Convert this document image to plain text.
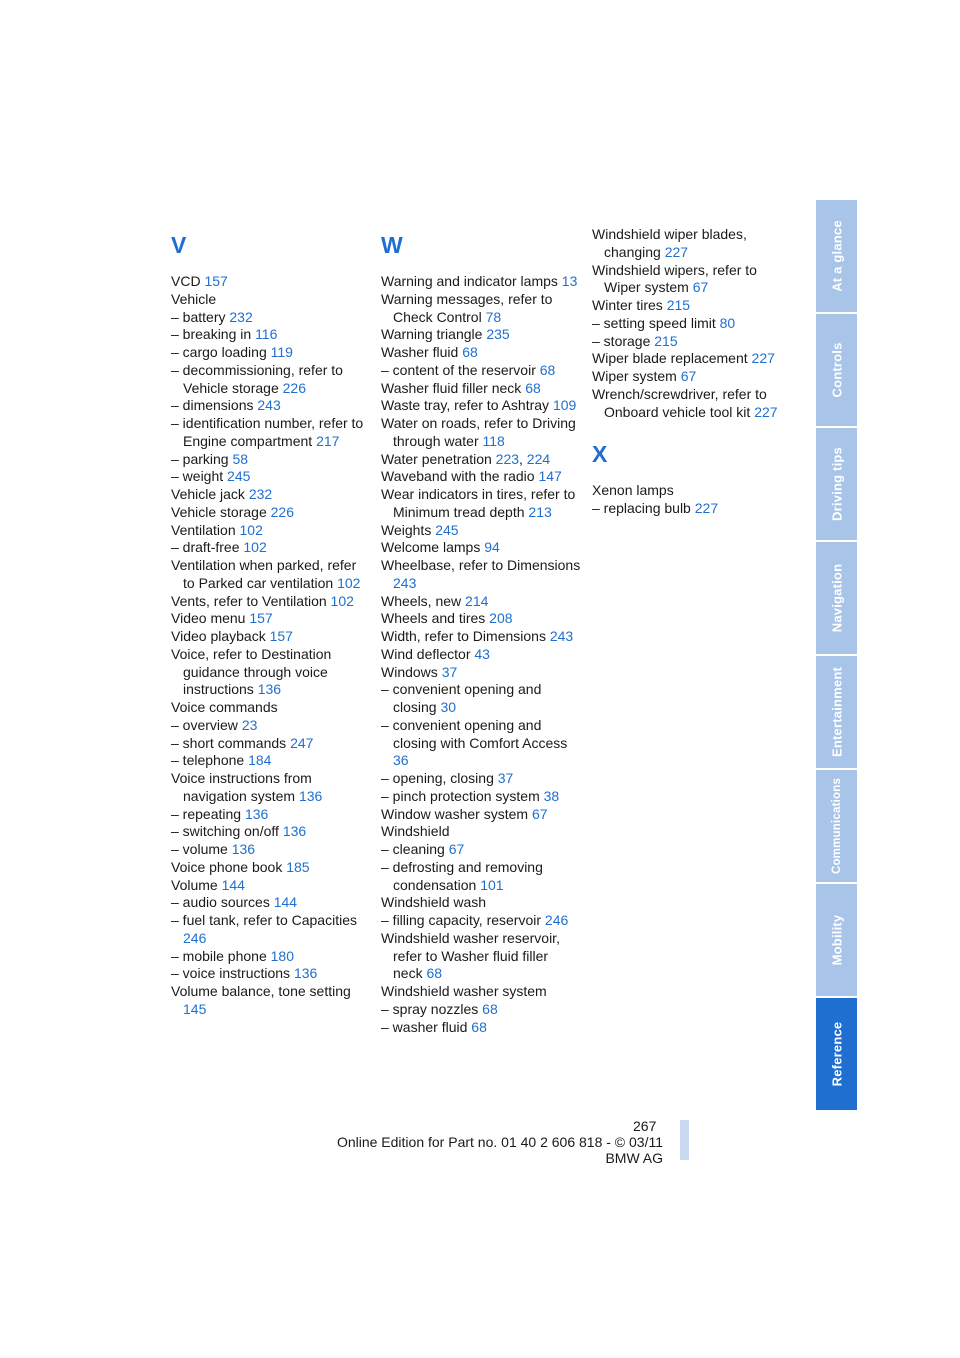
V
VCD 157
Vehicle
– battery 232
– breaking in 116
– cargo loading 119
– decommissioning, refer to Vehicle storage 226
– dimensions 243
– identification number, refer to Engine compartment 217
– parking 58
– weight 245
Vehicle jack 232
Vehicle storage 226
Ventilation 102
– draft-free 102
Ventilation when parked, refer to Parked car ventilation 102
Vents, refer to Ventilation 102
Video menu 157
Video playback 157
Voice, refer to Destination guidance through voice instructions 136
Voice commands
– overview 23
– short commands 247
– telephone 184
Voice instructions from navigation system 136
– repeating 136
– switching on/off 136
– volume 136
Voice phone book 185
Volume 144
– audio sources 144
– fuel tank, refer to Capacities 246
– mobile phone 180
– voice instructions 136
Volume balance, tone setting 145
W
Warning and indicator lamps 13
Warning messages, refer to Check Control 78
Warning triangle 235
Washer fluid 68
– content of the reservoir 68
Washer fluid filler neck 68
Waste tray, refer to Ashtray 109
Water on roads, refer to Driving through water 118
Water penetration 223, 224
Waveband with the radio 147
Wear indicators in tires, refer to Minimum tread depth 213
Weights 245
Welcome lamps 94
Wheelbase, refer to Dimensions 243
Wheels, new 214
Wheels and tires 208
Width, refer to Dimensions 243
Wind deflector 43
Windows 37
– convenient opening and closing 30
– convenient opening and closing with Comfort Access 36
– opening, closing 37
– pinch protection system 38
Window washer system 67
Windshield
– cleaning 67
– defrosting and removing condensation 101
Windshield wash
– filling capacity, reservoir 246
Windshield washer reservoir, refer to Washer fluid filler neck 68
Windshield washer system
– spray nozzles 68
– washer fluid 68
Windshield wiper blades, changing 227
Windshield wipers, refer to Wiper system 67
Winter tires 215
– setting speed limit 80
– storage 215
Wiper blade replacement 227
Wiper system 67
Wrench/screwdriver, refer to Onboard vehicle tool kit 227
X
Xenon lamps
– replacing bulb 227
At a glance
Controls
Driving tips
Navigation
Entertainment
Communications
Mobility
Reference
267
Online Edition for Part no. 01 40 2 606 818 - © 03/11 BMW AG
